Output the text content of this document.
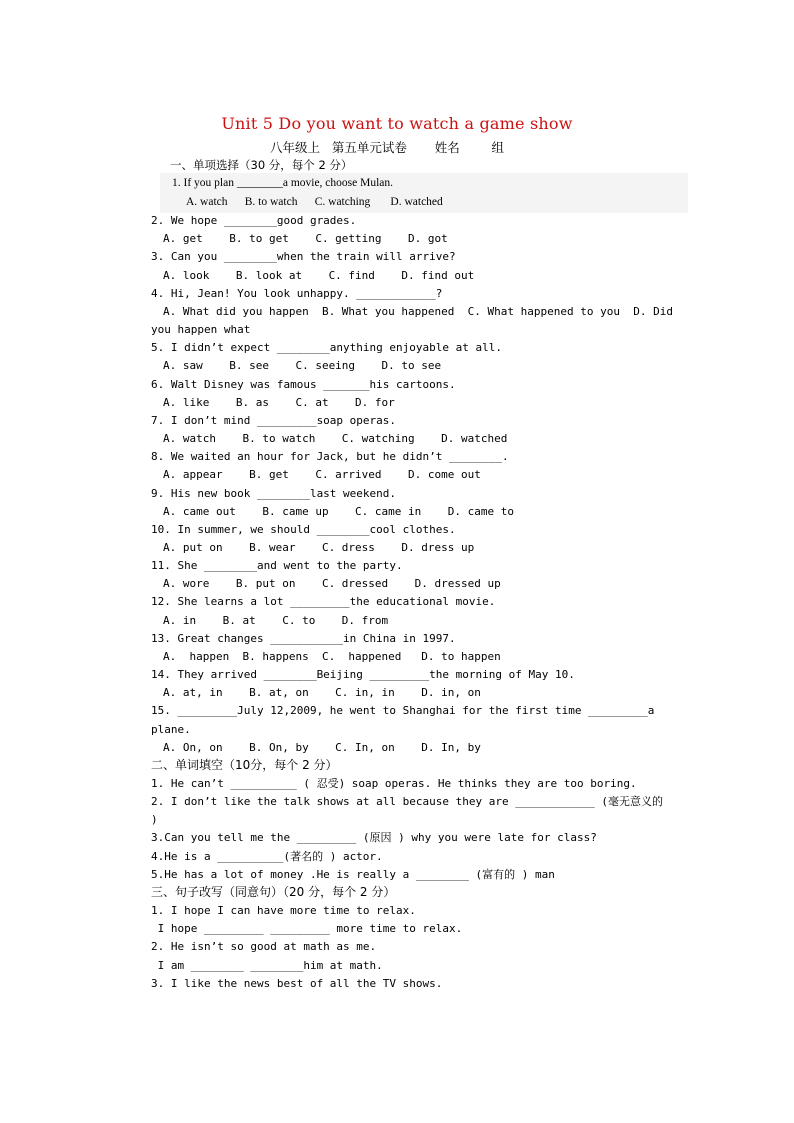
Unit 5 Do you want to watch a game show
八年级上   第五单元试卷       姓名        组
一、单项选择（30 分，每个 2 分）
1. If you plan ________a movie, choose Mulan.
A. watch      B. to watch      C. watching       D. watched
2. We hope ________good grades.
A. get    B. to get    C. getting    D. got
3. Can you ________when the train will arrive?
A. look    B. look at    C. find    D. find out
4. Hi, Jean! You look unhappy. ____________?
A. What did you happen  B. What you happened  C. What happened to you  D. Did
you happen what
5. I didn’t expect ________anything enjoyable at all.
A. saw    B. see    C. seeing    D. to see
6. Walt Disney was famous _______his cartoons.
A. like    B. as    C. at    D. for
7. I don’t mind _________soap operas.
A. watch    B. to watch    C. watching    D. watched
8. We waited an hour for Jack, but he didn’t ________.
A. appear    B. get    C. arrived    D. come out
9. His new book ________last weekend.
A. came out    B. came up    C. came in    D. came to
10. In summer, we should ________cool clothes.
A. put on    B. wear    C. dress    D. dress up
11. She ________and went to the party.
A. wore    B. put on    C. dressed    D. dressed up
12. She learns a lot _________the educational movie.
A. in    B. at    C. to    D. from
13. Great changes ___________in China in 1997.
A.  happen  B. happens  C.  happened   D. to happen
14. They arrived ________Beijing _________the morning of May 10.
A. at, in    B. at, on    C. in, in    D. in, on
15. _________July 12,2009, he went to Shanghai for the first time _________a
plane.
A. On, on    B. On, by    C. In, on    D. In, by
二、单词填空（10分，每个 2 分）
1. He can’t __________ ( 忍受) soap operas. He thinks they are too boring.
2. I don’t like the talk shows at all because they are ____________ (毫无意义的
)
3.Can you tell me the _________ (原因 ) why you were late for class?
4.He is a __________(著名的 ) actor.
5.He has a lot of money .He is really a ________ (富有的 ) man
三、句子改写（同意句）（20 分，每个 2 分）
1. I hope I can have more time to relax.
I hope _________ _________ more time to relax.
2. He isn’t so good at math as me.
I am ________ ________him at math.
3. I like the news best of all the TV shows.
